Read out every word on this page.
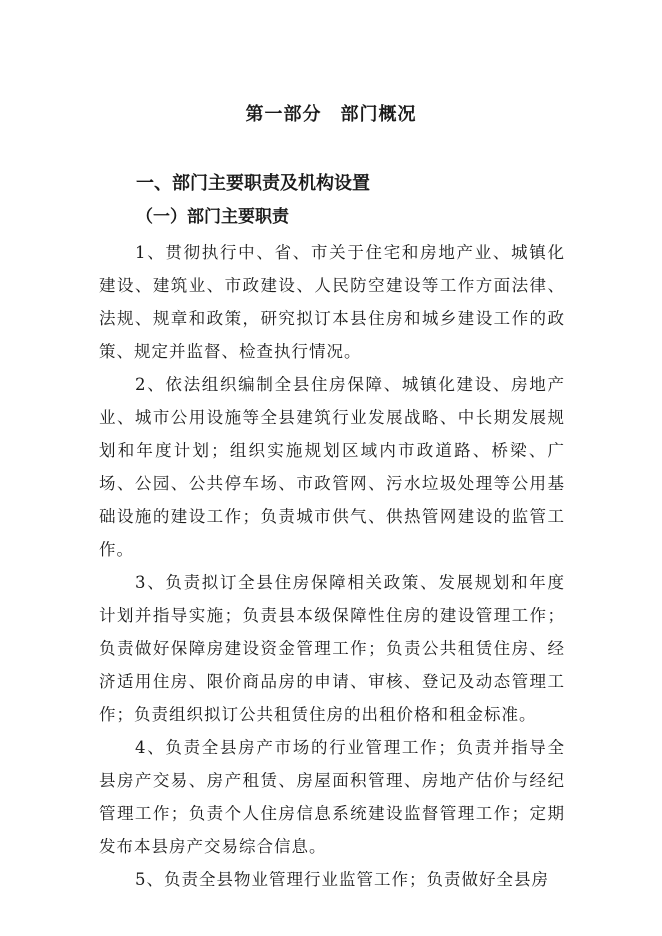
第一部分　部门概况
一、部门主要职责及机构设置
（一）部门主要职责

1、贯彻执行中、省、市关于住宅和房地产业、城镇化建设、建筑业、市政建设、人民防空建设等工作方面法律、法规、规章和政策，研究拟订本县住房和城乡建设工作的政策、规定并监督、检查执行情况。

2、依法组织编制全县住房保障、城镇化建设、房地产业、城市公用设施等全县建筑行业发展战略、中长期发展规划和年度计划；组织实施规划区域内市政道路、桥梁、广场、公园、公共停车场、市政管网、污水垃圾处理等公用基础设施的建设工作；负责城市供气、供热管网建设的监管工作。

3、负责拟订全县住房保障相关政策、发展规划和年度计划并指导实施；负责县本级保障性住房的建设管理工作；负责做好保障房建设资金管理工作；负责公共租赁住房、经济适用住房、限价商品房的申请、审核、登记及动态管理工作；负责组织拟订公共租赁住房的出租价格和租金标准。

4、负责全县房产市场的行业管理工作；负责并指导全县房产交易、房产租赁、房屋面积管理、房地产估价与经纪管理工作；负责个人住房信息系统建设监督管理工作；定期发布本县房产交易综合信息。

5、负责全县物业管理行业监管工作；负责做好全县房
